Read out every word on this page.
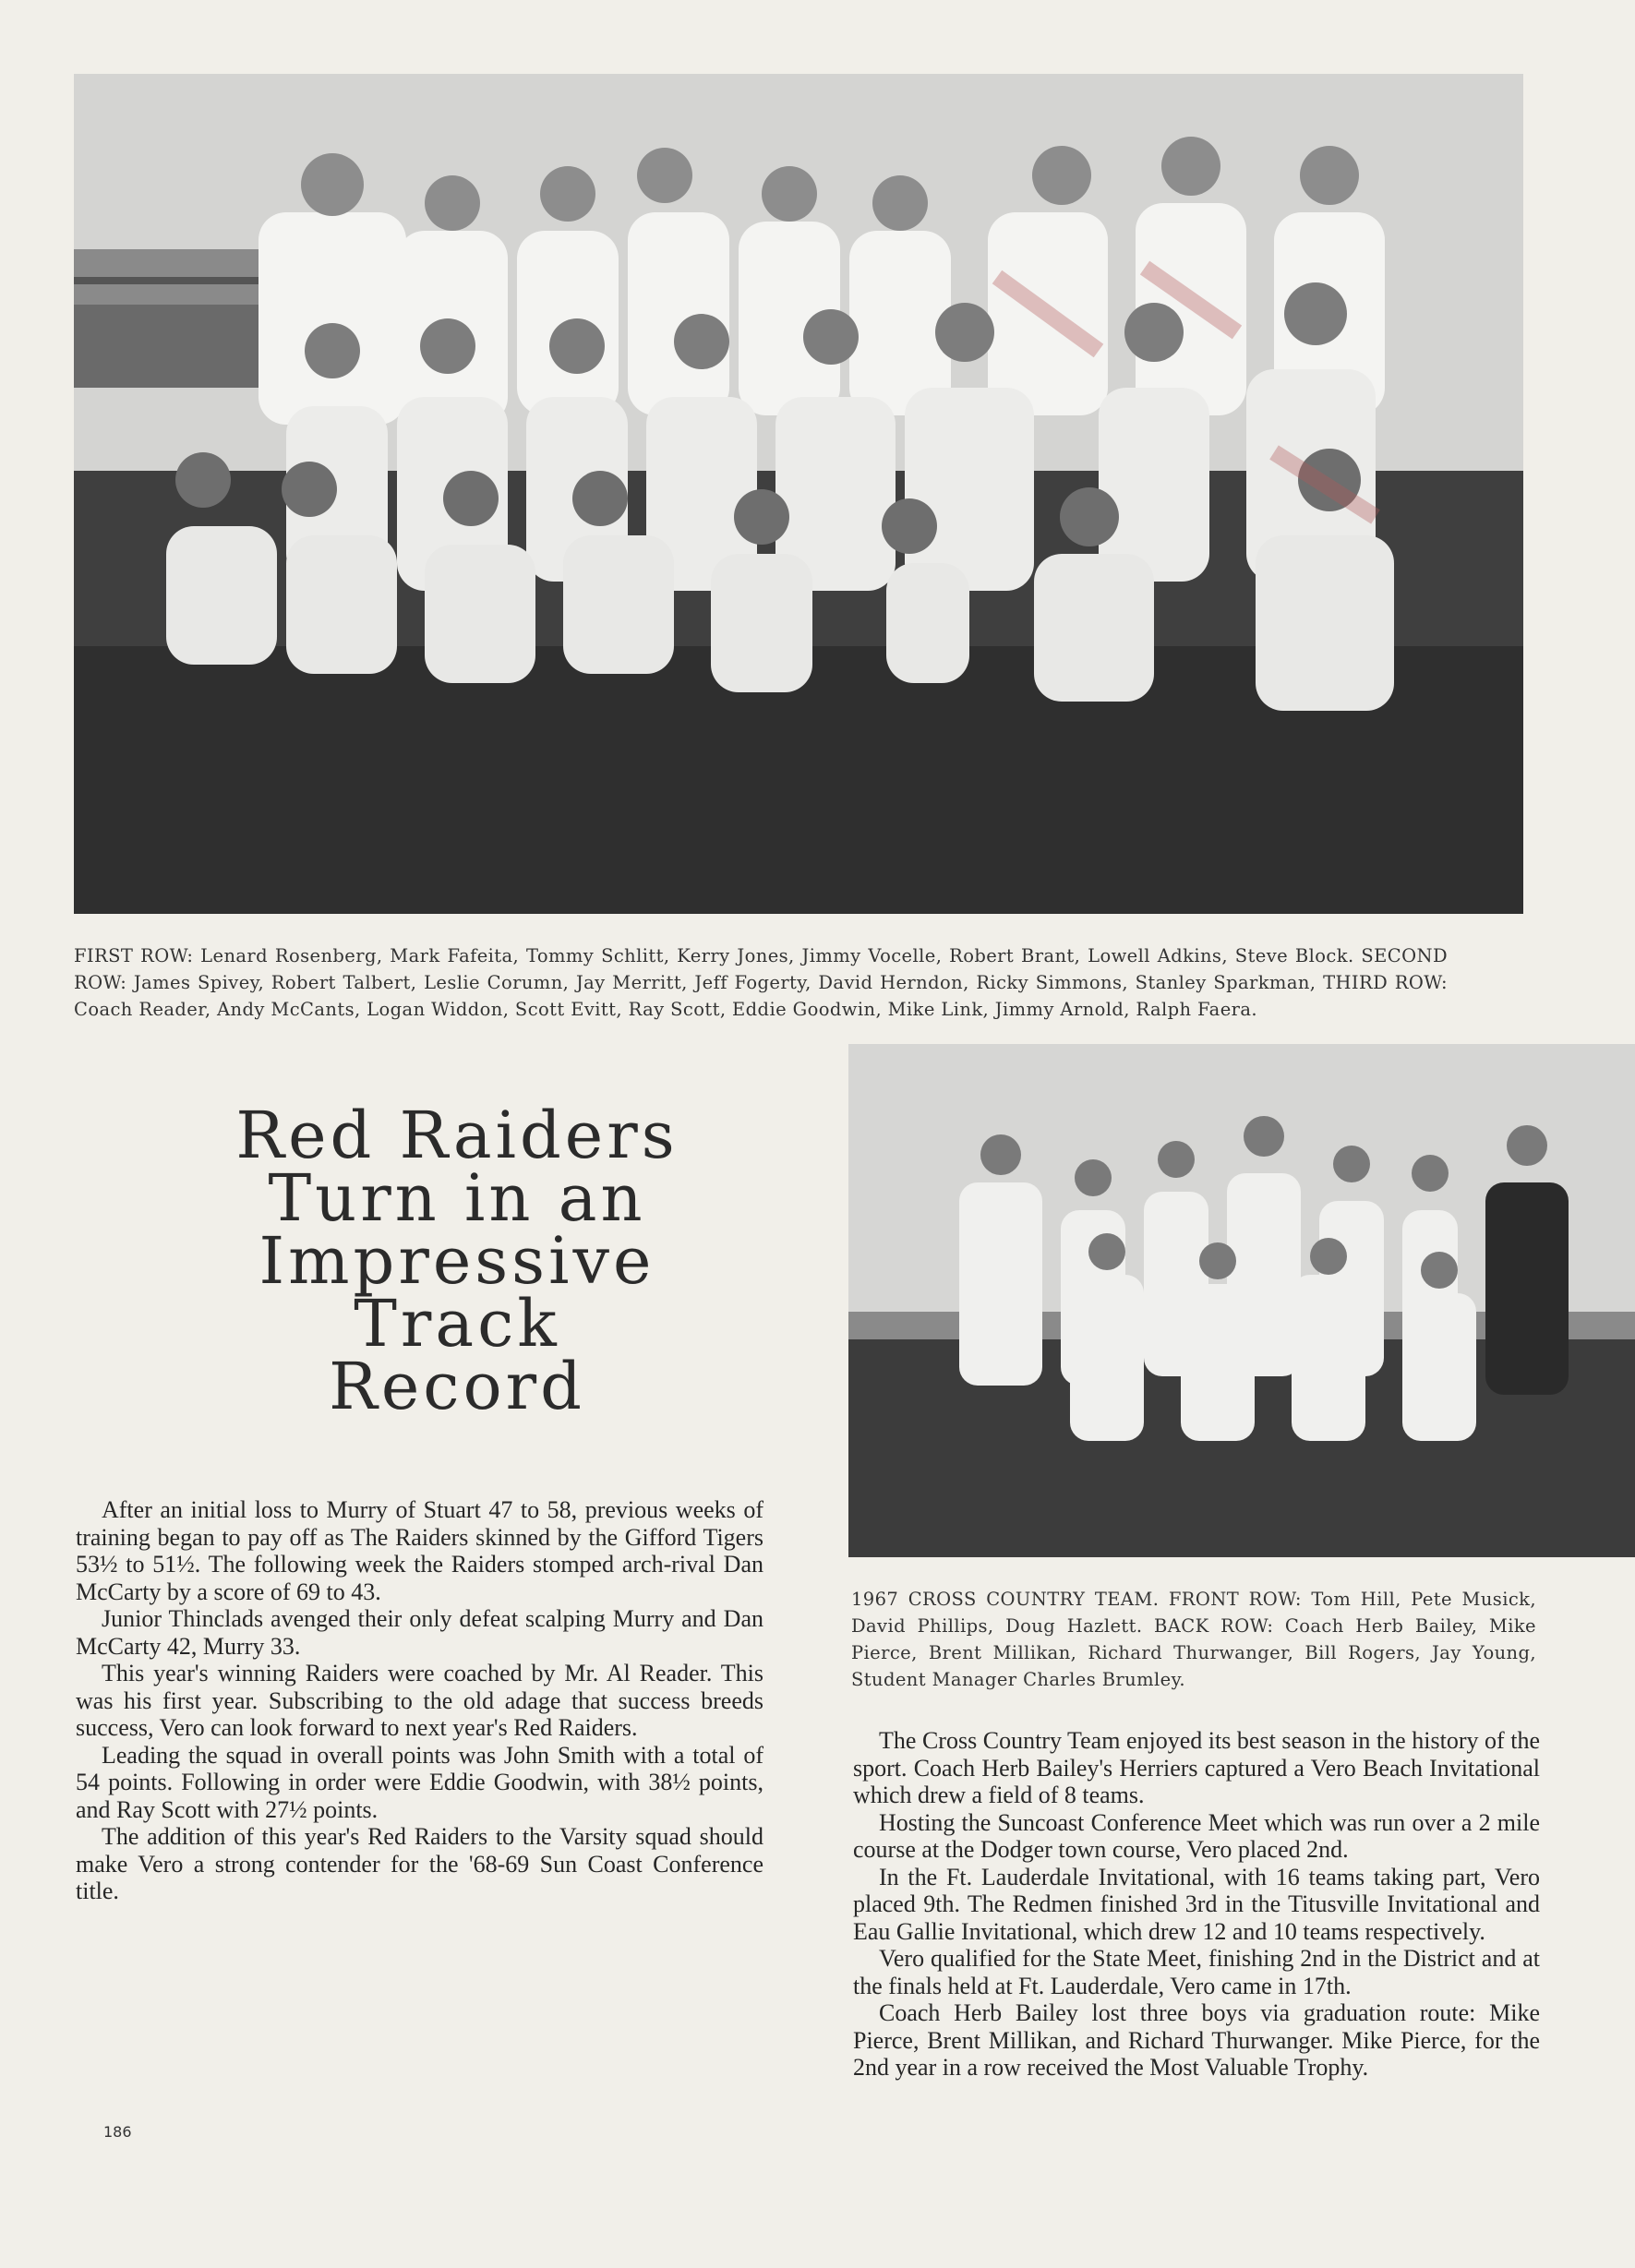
FIRST ROW: Lenard Rosenberg, Mark Fafeita, Tommy Schlitt, Kerry Jones, Jimmy Vocelle, Robert Brant, Lowell Adkins, Steve Block. SECOND ROW: James Spivey, Robert Talbert, Leslie Corumn, Jay Merritt, Jeff Fogerty, David Herndon, Ricky Simmons, Stanley Sparkman, THIRD ROW: Coach Reader, Andy McCants, Logan Widdon, Scott Evitt, Ray Scott, Eddie Goodwin, Mike Link, Jimmy Arnold, Ralph Faera.
Red Raiders
Turn in an
Impressive
Track
Record
1967 CROSS COUNTRY TEAM. FRONT ROW: Tom Hill, Pete Musick, David Phillips, Doug Hazlett. BACK ROW: Coach Herb Bailey, Mike Pierce, Brent Millikan, Richard Thurwanger, Bill Rogers, Jay Young, Student Manager Charles Brumley.

After an initial loss to Murry of Stuart 47 to 58, previous weeks of training began to pay off as The Raiders skinned by the Gifford Tigers 53½ to 51½. The following week the Raiders stomped arch-rival Dan McCarty by a score of 69 to 43.

Junior Thinclads avenged their only defeat scalping Murry and Dan McCarty 42, Murry 33.

This year's winning Raiders were coached by Mr. Al Reader. This was his first year. Subscribing to the old adage that success breeds success, Vero can look forward to next year's Red Raiders.

Leading the squad in overall points was John Smith with a total of 54 points. Following in order were Eddie Goodwin, with 38½ points, and Ray Scott with 27½ points.

The addition of this year's Red Raiders to the Varsity squad should make Vero a strong contender for the '68-69 Sun Coast Conference title.

The Cross Country Team enjoyed its best season in the history of the sport. Coach Herb Bailey's Herriers captured a Vero Beach Invitational which drew a field of 8 teams.

Hosting the Suncoast Conference Meet which was run over a 2 mile course at the Dodger town course, Vero placed 2nd.

In the Ft. Lauderdale Invitational, with 16 teams taking part, Vero placed 9th. The Redmen finished 3rd in the Titusville Invitational and Eau Gallie Invitational, which drew 12 and 10 teams respectively.

Vero qualified for the State Meet, finishing 2nd in the District and at the finals held at Ft. Lauderdale, Vero came in 17th.

Coach Herb Bailey lost three boys via graduation route: Mike Pierce, Brent Millikan, and Richard Thurwanger. Mike Pierce, for the 2nd year in a row received the Most Valuable Trophy.

186
